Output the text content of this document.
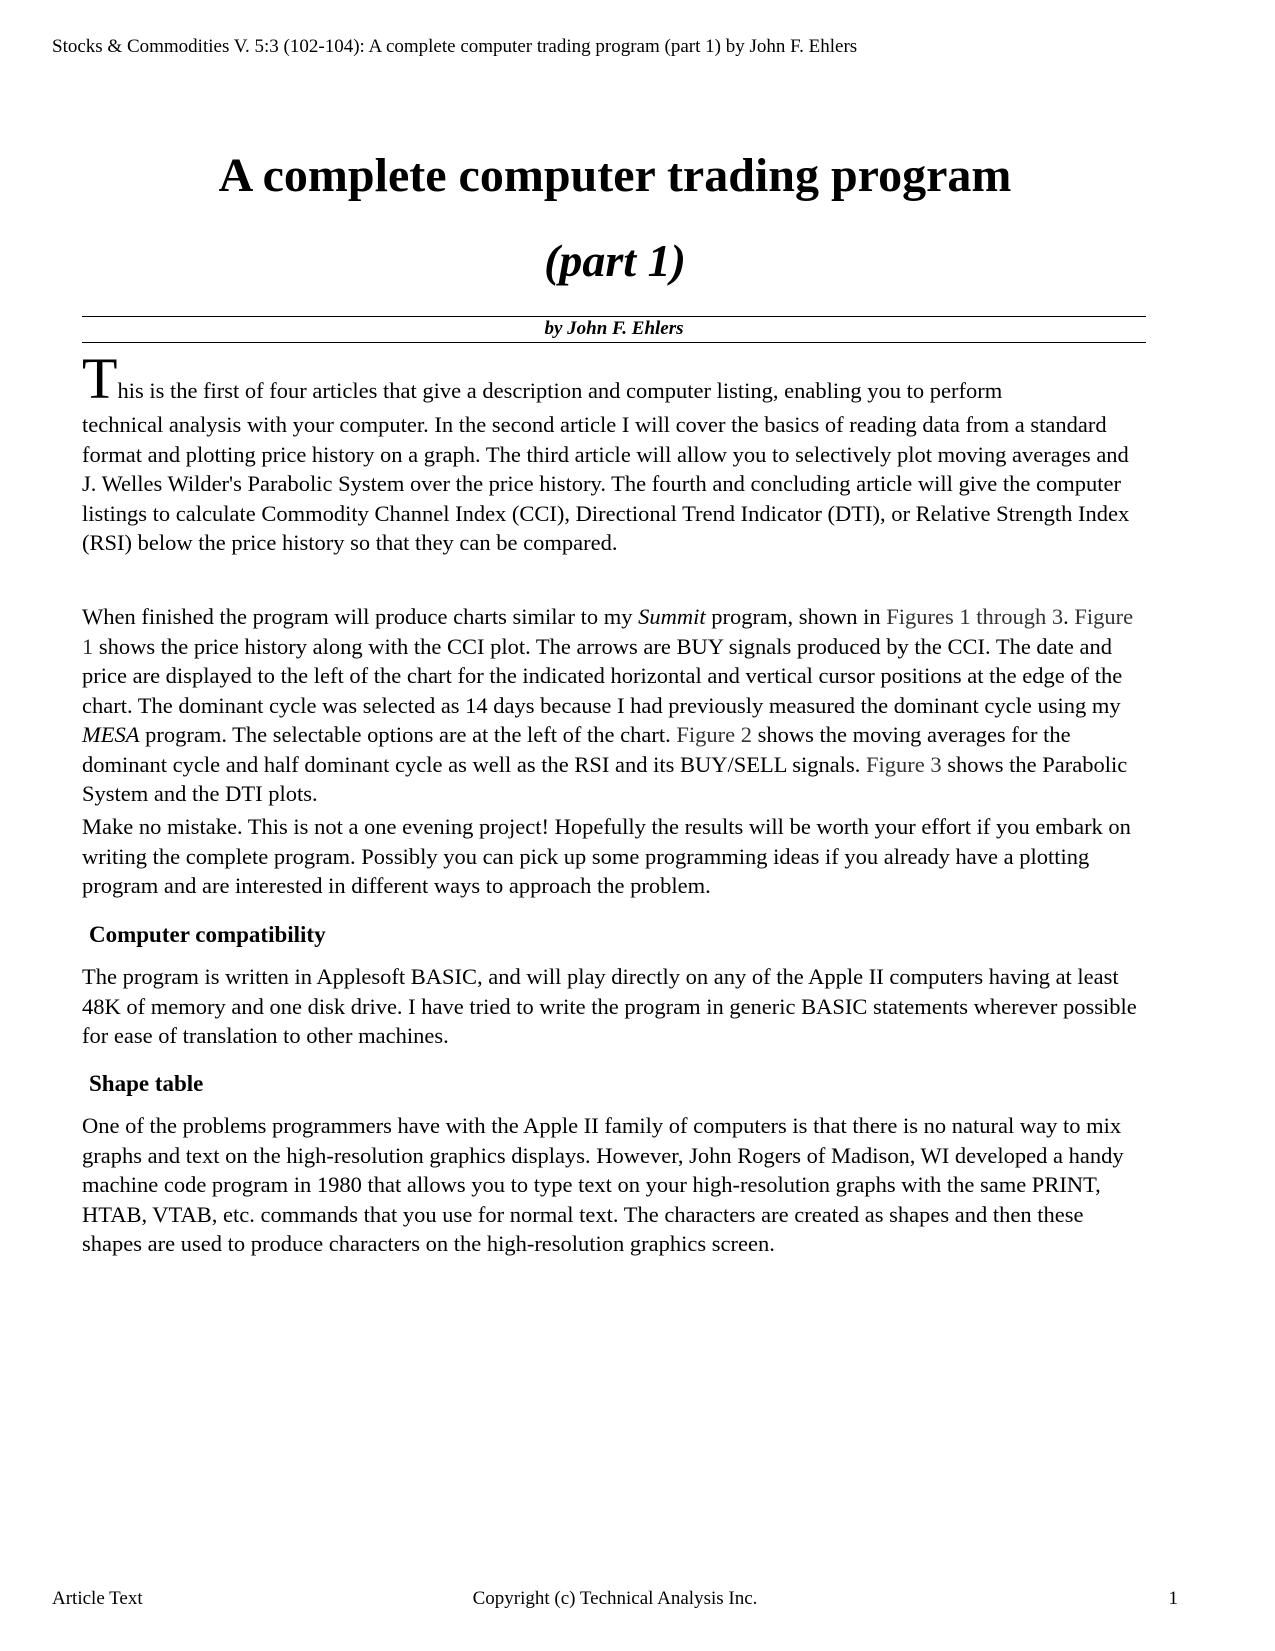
Stocks & Commodities V. 5:3 (102-104): A complete computer trading program (part 1) by John F. Ehlers
A complete computer trading program
(part 1)
by John F. Ehlers
This is the first of four articles that give a description and computer listing, enabling you to perform

technical analysis with your computer. In the second article I will cover the basics of reading data from a standard format and plotting price history on a graph. The third article will allow you to selectively plot moving averages and J. Welles Wilder's Parabolic System over the price history. The fourth and concluding article will give the computer listings to calculate Commodity Channel Index (CCI), Directional Trend Indicator (DTI), or Relative Strength Index (RSI) below the price history so that they can be compared.

When finished the program will produce charts similar to my Summit program, shown in Figures 1 through 3. Figure 1 shows the price history along with the CCI plot. The arrows are BUY signals produced by the CCI. The date and price are displayed to the left of the chart for the indicated horizontal and vertical cursor positions at the edge of the chart. The dominant cycle was selected as 14 days because I had previously measured the dominant cycle using my MESA program. The selectable options are at the left of the chart. Figure 2 shows the moving averages for the dominant cycle and half dominant cycle as well as the RSI and its BUY/SELL signals. Figure 3 shows the Parabolic System and the DTI plots.

Make no mistake. This is not a one evening project! Hopefully the results will be worth your effort if you embark on writing the complete program. Possibly you can pick up some programming ideas if you already have a plotting program and are interested in different ways to approach the problem.

Computer compatibility

The program is written in Applesoft BASIC, and will play directly on any of the Apple II computers having at least 48K of memory and one disk drive. I have tried to write the program in generic BASIC statements wherever possible for ease of translation to other machines.

Shape table

One of the problems programmers have with the Apple II family of computers is that there is no natural way to mix graphs and text on the high-resolution graphics displays. However, John Rogers of Madison, WI developed a handy machine code program in 1980 that allows you to type text on your high-resolution graphs with the same PRINT, HTAB, VTAB, etc. commands that you use for normal text. The characters are created as shapes and then these shapes are used to produce characters on the high-resolution graphics screen.

Article Text	Copyright (c) Technical Analysis Inc.	1
